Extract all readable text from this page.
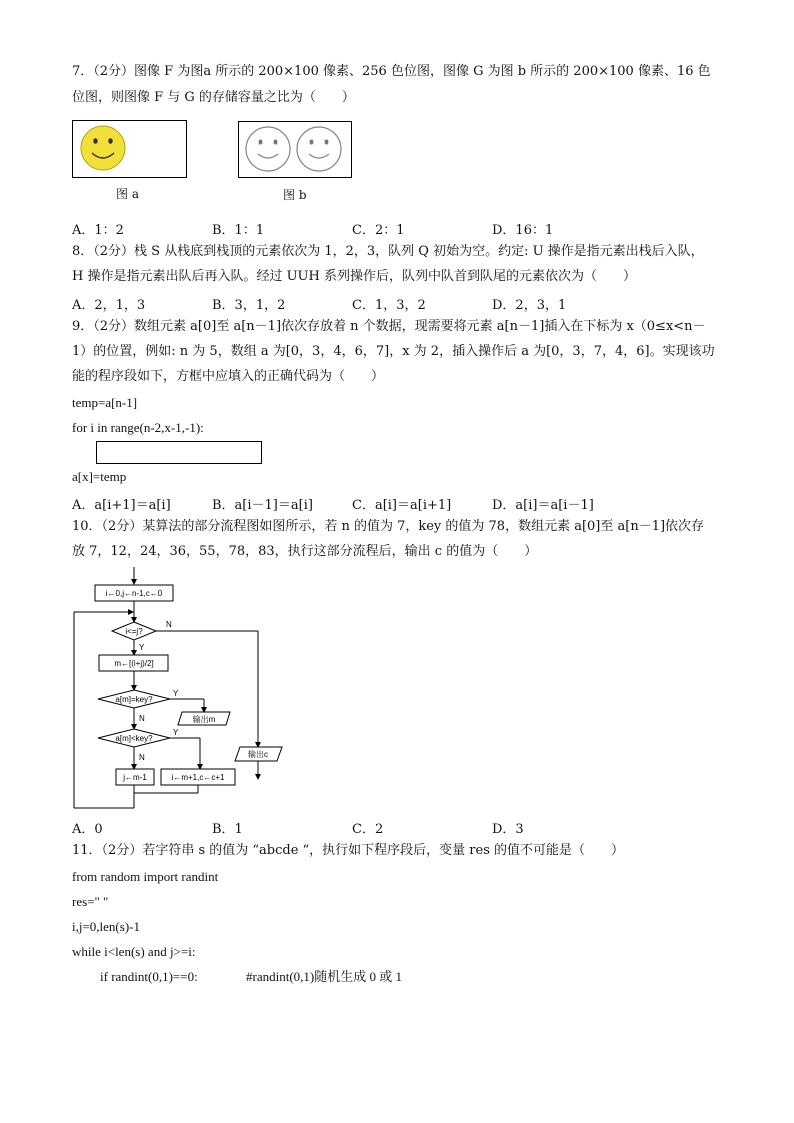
7．（2分）图像 F 为图a 所示的 200×100 像素、256 色位图，图像 G 为图 b 所示的 200×100 像素、16 色
位图，则图像 F 与 G 的存储容量之比为（　　）
图 a	图 b
A．1：2	B．1：1	C．2：1	D．16：1
8．（2分）栈 S 从栈底到栈顶的元素依次为 1，2，3，队列 Q 初始为空。约定: U 操作是指元素出栈后入队，
H 操作是指元素出队后再入队。经过 UUH 系列操作后，队列中队首到队尾的元素依次为（　　）
A．2，1，3	B．3，1，2	C．1，3，2	D．2，3，1
9．（2分）数组元素 a[0]至 a[n－1]依次存放着 n 个数据，现需要将元素 a[n－1]插入在下标为 x（0≤x<n－
1）的位置，例如: n 为 5，数组 a 为[0，3，4，6，7]，x 为 2，插入操作后 a 为[0，3，7，4，6]。实现该功
能的程序段如下，方框中应填入的正确代码为（　　）
temp=a[n-1]
for i in range(n-2,x-1,-1):
a[x]=temp
A．a[i+1]＝a[i]	B．a[i－1]＝a[i]	C．a[i]＝a[i+1]	D．a[i]＝a[i－1]
10．（2分）某算法的部分流程图如图所示，若 n 的值为 7，key 的值为 78，数组元素 a[0]至 a[n－1]依次存
放 7，12，24，36，55，78，83，执行这部分流程后，输出 c 的值为（　　）
i←0,j←n-1,c←0
i<=j?
m←[(i+j)/2]
a[m]=key?
输出m
a[m]<key?
输出c
j←m-1	i←m+1,c←c+1
Y
N
Y
N
Y
N
A．0	B．1	C．2	D．3
11．（2分）若字符串 s 的值为 “abcde “，执行如下程序段后，变量 res 的值不可能是（　　）
from random import randint
res=" "
i,j=0,len(s)-1
while i<len(s) and j>=i:
if randint(0,1)==0:	#randint(0,1)随机生成 0 或 1
